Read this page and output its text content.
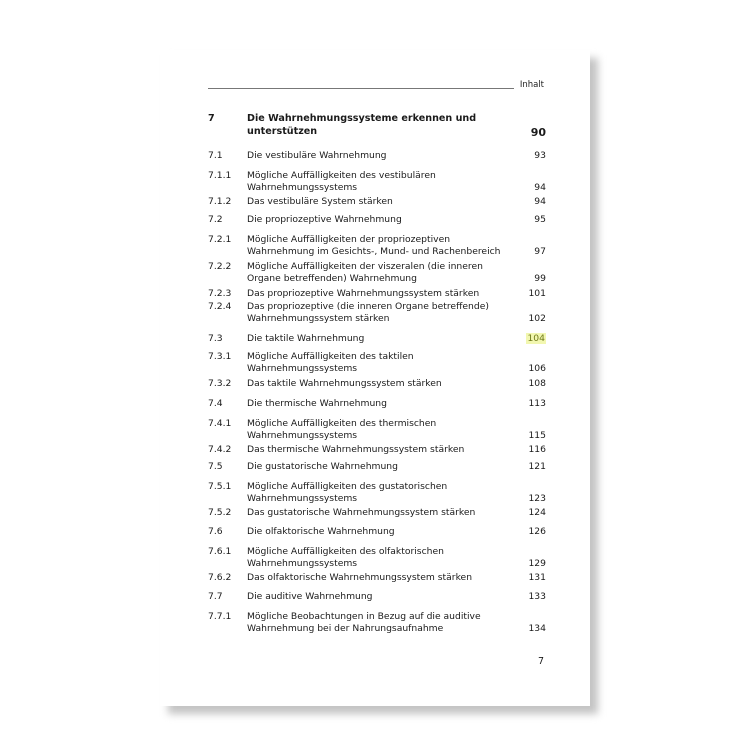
Inhalt
7	Die Wahrnehmungssysteme erkennen und
unterstützen	90
7.1	Die vestibuläre Wahrnehmung	93
7.1.1 Mögliche Auffälligkeiten des vestibulären
Wahrnehmungssystems	94
7.1.2 Das vestibuläre System stärken	94
7.2	Die propriozeptive Wahrnehmung	95
7.2.1 Mögliche Auffälligkeiten der propriozeptiven
Wahrnehmung im Gesichts-, Mund- und Rachenbereich	97
7.2.2 Mögliche Auffälligkeiten der viszeralen (die inneren
Organe betreffenden) Wahrnehmung	99
7.2.3 Das propriozeptive Wahrnehmungssystem stärken	101
7.2.4 Das propriozeptive (die inneren Organe betreffende)
Wahrnehmungssystem stärken	102
7.3	Die taktile Wahrnehmung	104
7.3.1 Mögliche Auffälligkeiten des taktilen
Wahrnehmungssystems	106
7.3.2 Das taktile Wahrnehmungssystem stärken	108
7.4	Die thermische Wahrnehmung	113
7.4.1 Mögliche Auffälligkeiten des thermischen
Wahrnehmungssystems	115
7.4.2 Das thermische Wahrnehmungssystem stärken	116
7.5	Die gustatorische Wahrnehmung	121
7.5.1 Mögliche Auffälligkeiten des gustatorischen
Wahrnehmungssystems	123
7.5.2 Das gustatorische Wahrnehmungssystem stärken	124
7.6	Die olfaktorische Wahrnehmung	126
7.6.1 Mögliche Auffälligkeiten des olfaktorischen
Wahrnehmungssystems	129
7.6.2 Das olfaktorische Wahrnehmungssystem stärken	131
7.7	Die auditive Wahrnehmung	133
7.7.1 Mögliche Beobachtungen in Bezug auf die auditive
Wahrnehmung bei der Nahrungsaufnahme	134
7
